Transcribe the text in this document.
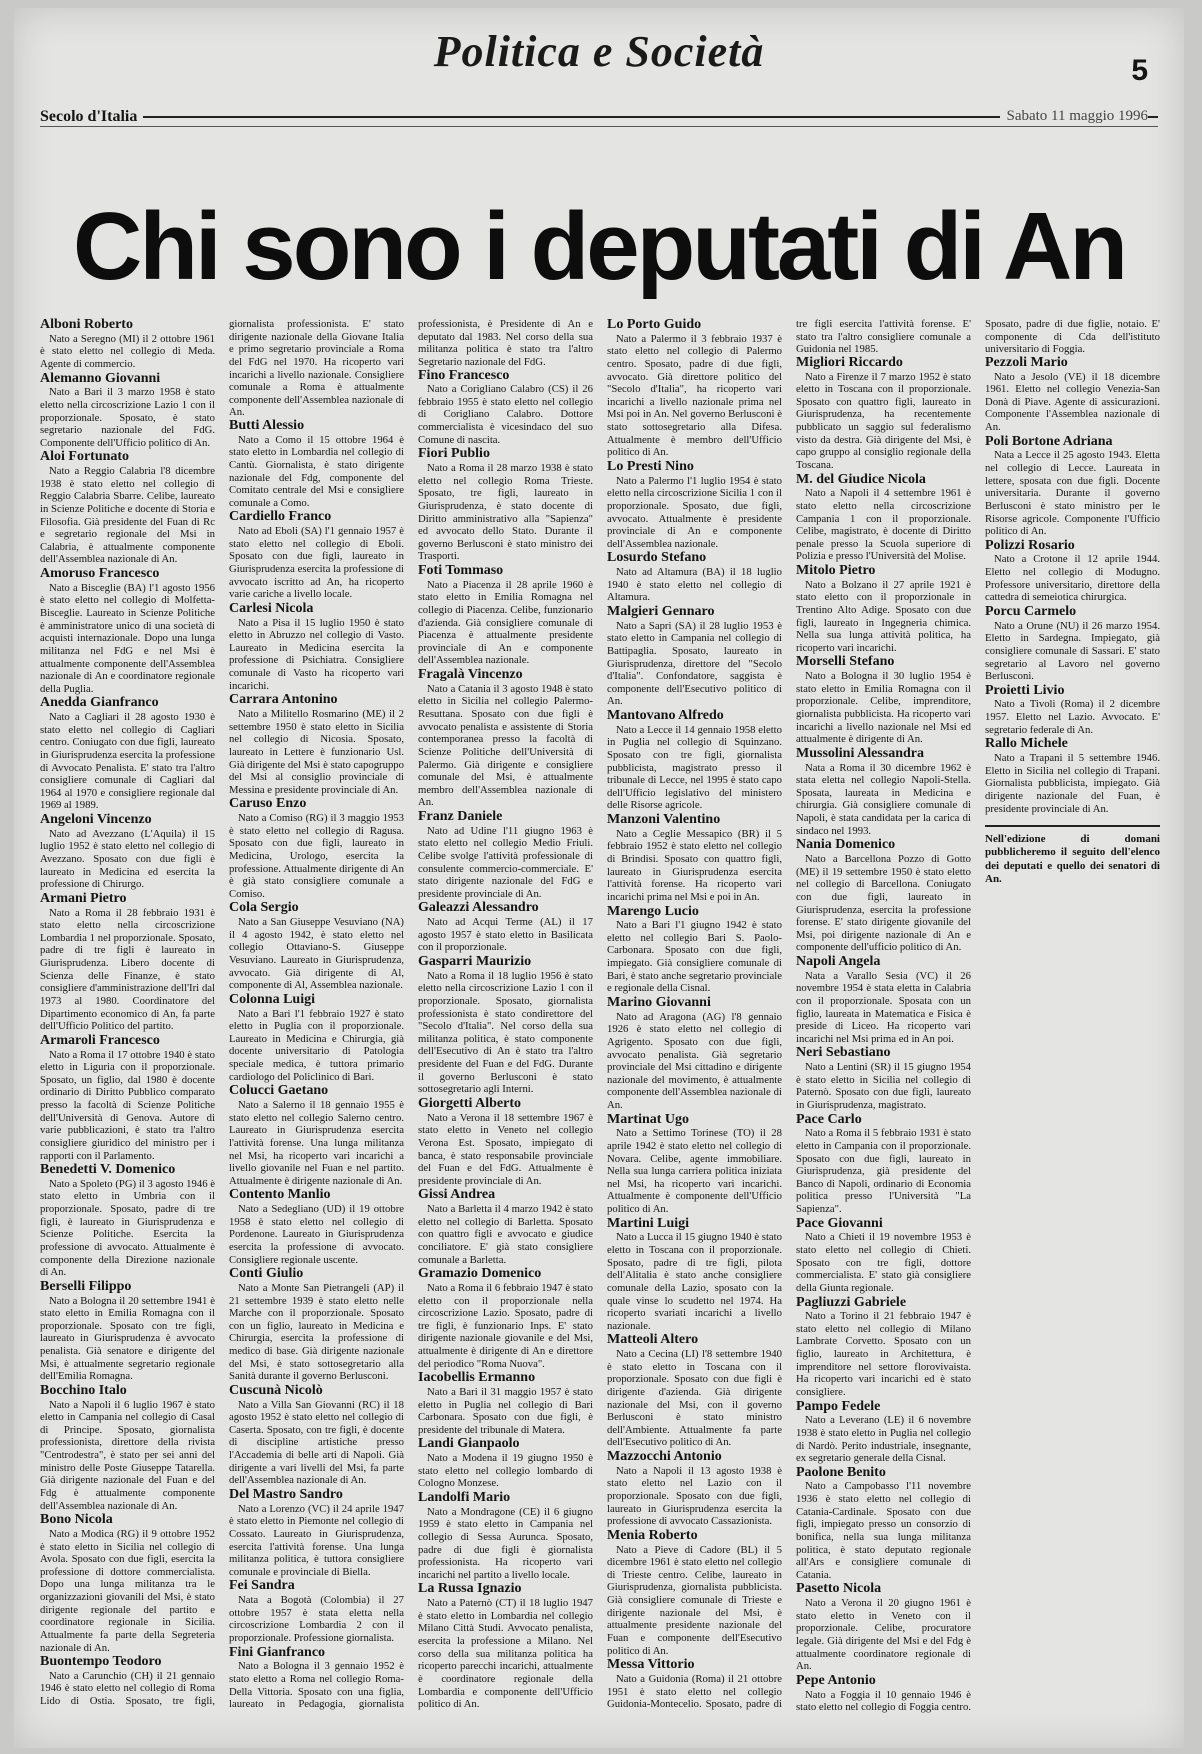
Politica e Società	5
Secolo d'Italia	Sabato 11 maggio 1996
Chi sono i deputati di An

Alboni Roberto

Nato a Seregno (MI) il 2 ottobre 1961 è stato eletto nel collegio di Meda. Agente di commercio.

Alemanno Giovanni

Nato a Bari il 3 marzo 1958 è stato eletto nella circoscrizione Lazio 1 con il proporzionale. Sposato, è stato segretario nazionale del FdG. Componente dell'Ufficio politico di An.

Aloi Fortunato

Nato a Reggio Calabria l'8 dicembre 1938 è stato eletto nel collegio di Reggio Calabria Sbarre. Celibe, laureato in Scienze Politiche e docente di Storia e Filosofia. Già presidente del Fuan di Rc e segretario regionale del Msi in Calabria, è attualmente componente dell'Assemblea nazionale di An.

Amoruso Francesco

Nato a Bisceglie (BA) l'1 agosto 1956 è stato eletto nel collegio di Molfetta-Bisceglie. Laureato in Scienze Politiche è amministratore unico di una società di acquisti internazionale. Dopo una lunga militanza nel FdG e nel Msi è attualmente componente dell'Assemblea nazionale di An e coordinatore regionale della Puglia.

Anedda Gianfranco

Nato a Cagliari il 28 agosto 1930 è stato eletto nel collegio di Cagliari centro. Coniugato con due figli, laureato in Giurisprudenza esercita la professione di Avvocato Penalista. E' stato tra l'altro consigliere comunale di Cagliari dal 1964 al 1970 e consigliere regionale dal 1969 al 1989.

Angeloni Vincenzo

Nato ad Avezzano (L'Aquila) il 15 luglio 1952 è stato eletto nel collegio di Avezzano. Sposato con due figli è laureato in Medicina ed esercita la professione di Chirurgo.

Armani Pietro

Nato a Roma il 28 febbraio 1931 è stato eletto nella circoscrizione Lombardia 1 nel proporzionale. Sposato, padre di tre figli è laureato in Giurisprudenza. Libero docente di Scienza delle Finanze, è stato consigliere d'amministrazione dell'Iri dal 1973 al 1980. Coordinatore del Dipartimento economico di An, fa parte dell'Ufficio Politico del partito.

Armaroli Francesco

Nato a Roma il 17 ottobre 1940 è stato eletto in Liguria con il proporzionale. Sposato, un figlio, dal 1980 è docente ordinario di Diritto Pubblico comparato presso la facoltà di Scienze Politiche dell'Università di Genova. Autore di varie pubblicazioni, è stato tra l'altro consigliere giuridico del ministro per i rapporti con il Parlamento.

Benedetti V. Domenico

Nato a Spoleto (PG) il 3 agosto 1946 è stato eletto in Umbria con il proporzionale. Sposato, padre di tre figli, è laureato in Giurisprudenza e Scienze Politiche. Esercita la professione di avvocato. Attualmente è componente della Direzione nazionale di An.

Berselli Filippo

Nato a Bologna il 20 settembre 1941 è stato eletto in Emilia Romagna con il proporzionale. Sposato con tre figli, laureato in Giurisprudenza è avvocato penalista. Già senatore e dirigente del Msi, è attualmente segretario regionale dell'Emilia Romagna.

Bocchino Italo

Nato a Napoli il 6 luglio 1967 è stato eletto in Campania nel collegio di Casal di Principe. Sposato, giornalista professionista, direttore della rivista "Centrodestra", è stato per sei anni del ministro delle Poste Giuseppe Tatarella. Già dirigente nazionale del Fuan e del Fdg è attualmente componente dell'Assemblea nazionale di An.

Bono Nicola

Nato a Modica (RG) il 9 ottobre 1952 è stato eletto in Sicilia nel collegio di Avola. Sposato con due figli, esercita la professione di dottore commercialista. Dopo una lunga militanza tra le organizzazioni giovanili del Msi, è stato dirigente regionale del partito e coordinatore regionale in Sicilia. Attualmente fa parte della Segreteria nazionale di An.

Buontempo Teodoro

Nato a Carunchio (CH) il 21 gennaio 1946 è stato eletto nel collegio di Roma Lido di Ostia. Sposato, tre figli, giornalista professionista. E' stato dirigente nazionale della Giovane Italia e primo segretario provinciale a Roma del FdG nel 1970. Ha ricoperto vari incarichi a livello nazionale. Consigliere comunale a Roma è attualmente componente dell'Assemblea nazionale di An.

Butti Alessio

Nato a Como il 15 ottobre 1964 è stato eletto in Lombardia nel collegio di Cantù. Giornalista, è stato dirigente nazionale del Fdg, componente del Comitato centrale del Msi e consigliere comunale a Como.

Cardiello Franco

Nato ad Eboli (SA) l'1 gennaio 1957 è stato eletto nel collegio di Eboli. Sposato con due figli, laureato in Giurisprudenza esercita la professione di avvocato iscritto ad An, ha ricoperto varie cariche a livello locale.

Carlesi Nicola

Nato a Pisa il 15 luglio 1950 è stato eletto in Abruzzo nel collegio di Vasto. Laureato in Medicina esercita la professione di Psichiatra. Consigliere comunale di Vasto ha ricoperto vari incarichi.

Carrara Antonino

Nato a Militello Rosmarino (ME) il 2 settembre 1950 è stato eletto in Sicilia nel collegio di Nicosia. Sposato, laureato in Lettere è funzionario Usl. Già dirigente del Msi è stato capogruppo del Msi al consiglio provinciale di Messina e presidente provinciale di An.

Caruso Enzo

Nato a Comiso (RG) il 3 maggio 1953 è stato eletto nel collegio di Ragusa. Sposato con due figli, laureato in Medicina, Urologo, esercita la professione. Attualmente dirigente di An è già stato consigliere comunale a Comiso.

Cola Sergio

Nato a San Giuseppe Vesuviano (NA) il 4 agosto 1942, è stato eletto nel collegio Ottaviano-S. Giuseppe Vesuviano. Laureato in Giurisprudenza, avvocato. Già dirigente di Al, componente di Al, Assemblea nazionale.

Colonna Luigi

Nato a Bari l'1 febbraio 1927 è stato eletto in Puglia con il proporzionale. Laureato in Medicina e Chirurgia, già docente universitario di Patologia speciale medica, è tuttora primario cardiologo del Policlinico di Bari.

Colucci Gaetano

Nato a Salerno il 18 gennaio 1955 è stato eletto nel collegio Salerno centro. Laureato in Giurisprudenza esercita l'attività forense. Una lunga militanza nel Msi, ha ricoperto vari incarichi a livello giovanile nel Fuan e nel partito. Attualmente è dirigente nazionale di An.

Contento Manlio

Nato a Sedegliano (UD) il 19 ottobre 1958 è stato eletto nel collegio di Pordenone. Laureato in Giurisprudenza esercita la professione di avvocato. Consigliere regionale uscente.

Conti Giulio

Nato a Monte San Pietrangeli (AP) il 21 settembre 1939 è stato eletto nelle Marche con il proporzionale. Sposato con un figlio, laureato in Medicina e Chirurgia, esercita la professione di medico di base. Già dirigente nazionale del Msi, è stato sottosegretario alla Sanità durante il governo Berlusconi.

Cuscunà Nicolò

Nato a Villa San Giovanni (RC) il 18 agosto 1952 è stato eletto nel collegio di Caserta. Sposato, con tre figli, è docente di discipline artistiche presso l'Accademia di belle arti di Napoli. Già dirigente a vari livelli del Msi, fa parte dell'Assemblea nazionale di An.

Del Mastro Sandro

Nato a Lorenzo (VC) il 24 aprile 1947 è stato eletto in Piemonte nel collegio di Cossato. Laureato in Giurisprudenza, esercita l'attività forense. Una lunga militanza politica, è tuttora consigliere comunale e provinciale di Biella.

Fei Sandra

Nata a Bogotà (Colombia) il 27 ottobre 1957 è stata eletta nella circoscrizione Lombardia 2 con il proporzionale. Professione giornalista.

Fini Gianfranco

Nato a Bologna il 3 gennaio 1952 è stato eletto a Roma nel collegio Roma-Della Vittoria. Sposato con una figlia, laureato in Pedagogia, giornalista professionista, è Presidente di An e deputato dal 1983. Nel corso della sua militanza politica è stato tra l'altro Segretario nazionale del FdG.

Fino Francesco

Nato a Corigliano Calabro (CS) il 26 febbraio 1955 è stato eletto nel collegio di Corigliano Calabro. Dottore commercialista è vicesindaco del suo Comune di nascita.

Fiori Publio

Nato a Roma il 28 marzo 1938 è stato eletto nel collegio Roma Trieste. Sposato, tre figli, laureato in Giurisprudenza, è stato docente di Diritto amministrativo alla "Sapienza" ed avvocato dello Stato. Durante il governo Berlusconi è stato ministro dei Trasporti.

Foti Tommaso

Nato a Piacenza il 28 aprile 1960 è stato eletto in Emilia Romagna nel collegio di Piacenza. Celibe, funzionario d'azienda. Già consigliere comunale di Piacenza è attualmente presidente provinciale di An e componente dell'Assemblea nazionale.

Fragalà Vincenzo

Nato a Catania il 3 agosto 1948 è stato eletto in Sicilia nel collegio Palermo-Resuttana. Sposato con due figli è avvocato penalista e assistente di Storia contemporanea presso la facoltà di Scienze Politiche dell'Università di Palermo. Già dirigente e consigliere comunale del Msi, è attualmente membro dell'Assemblea nazionale di An.

Franz Daniele

Nato ad Udine l'11 giugno 1963 è stato eletto nel collegio Medio Friuli. Celibe svolge l'attività professionale di consulente commercio-commerciale. E' stato dirigente nazionale del FdG e presidente provinciale di An.

Galeazzi Alessandro

Nato ad Acqui Terme (AL) il 17 agosto 1957 è stato eletto in Basilicata con il proporzionale.

Gasparri Maurizio

Nato a Roma il 18 luglio 1956 è stato eletto nella circoscrizione Lazio 1 con il proporzionale. Sposato, giornalista professionista è stato condirettore del "Secolo d'Italia". Nel corso della sua militanza politica, è stato componente dell'Esecutivo di An è stato tra l'altro presidente del Fuan e del FdG. Durante il governo Berlusconi è stato sottosegretario agli Interni.

Giorgetti Alberto

Nato a Verona il 18 settembre 1967 è stato eletto in Veneto nel collegio Verona Est. Sposato, impiegato di banca, è stato responsabile provinciale del Fuan e del FdG. Attualmente è presidente provinciale di An.

Gissi Andrea

Nato a Barletta il 4 marzo 1942 è stato eletto nel collegio di Barletta. Sposato con quattro figli e avvocato e giudice conciliatore. E' già stato consigliere comunale a Barletta.

Gramazio Domenico

Nato a Roma il 6 febbraio 1947 è stato eletto con il proporzionale nella circoscrizione Lazio. Sposato, padre di tre figli, è funzionario Inps. E' stato dirigente nazionale giovanile e del Msi, attualmente è dirigente di An e direttore del periodico "Roma Nuova".

Iacobellis Ermanno

Nato a Bari il 31 maggio 1957 è stato eletto in Puglia nel collegio di Bari Carbonara. Sposato con due figli, è presidente del tribunale di Matera.

Landi Gianpaolo

Nato a Modena il 19 giugno 1950 è stato eletto nel collegio lombardo di Cologno Monzese.

Landolfi Mario

Nato a Mondragone (CE) il 6 giugno 1959 è stato eletto in Campania nel collegio di Sessa Aurunca. Sposato, padre di due figli è giornalista professionista. Ha ricoperto vari incarichi nel partito a livello locale.

La Russa Ignazio

Nato a Paternò (CT) il 18 luglio 1947 è stato eletto in Lombardia nel collegio Milano Città Studi. Avvocato penalista, esercita la professione a Milano. Nel corso della sua militanza politica ha ricoperto parecchi incarichi, attualmente è coordinatore regionale della Lombardia e componente dell'Ufficio politico di An.

Lo Porto Guido

Nato a Palermo il 3 febbraio 1937 è stato eletto nel collegio di Palermo centro. Sposato, padre di due figli, avvocato. Già direttore politico del "Secolo d'Italia", ha ricoperto vari incarichi a livello nazionale prima nel Msi poi in An. Nel governo Berlusconi è stato sottosegretario alla Difesa. Attualmente è membro dell'Ufficio politico di An.

Lo Presti Nino

Nato a Palermo l'1 luglio 1954 è stato eletto nella circoscrizione Sicilia 1 con il proporzionale. Sposato, due figli, avvocato. Attualmente è presidente provinciale di An e componente dell'Assemblea nazionale.

Losurdo Stefano

Nato ad Altamura (BA) il 18 luglio 1940 è stato eletto nel collegio di Altamura.

Malgieri Gennaro

Nato a Sapri (SA) il 28 luglio 1953 è stato eletto in Campania nel collegio di Battipaglia. Sposato, laureato in Giurisprudenza, direttore del "Secolo d'Italia". Confondatore, saggista è componente dell'Esecutivo politico di An.

Mantovano Alfredo

Nato a Lecce il 14 gennaio 1958 eletto in Puglia nel collegio di Squinzano. Sposato con tre figli, giornalista pubblicista, magistrato presso il tribunale di Lecce, nel 1995 è stato capo dell'Ufficio legislativo del ministero delle Risorse agricole.

Manzoni Valentino

Nato a Ceglie Messapico (BR) il 5 febbraio 1952 è stato eletto nel collegio di Brindisi. Sposato con quattro figli, laureato in Giurisprudenza esercita l'attività forense. Ha ricoperto vari incarichi prima nel Msi e poi in An.

Marengo Lucio

Nato a Bari l'1 giugno 1942 è stato eletto nel collegio Bari S. Paolo-Carbonara. Sposato con due figli, impiegato. Già consigliere comunale di Bari, è stato anche segretario provinciale e regionale della Cisnal.

Marino Giovanni

Nato ad Aragona (AG) l'8 gennaio 1926 è stato eletto nel collegio di Agrigento. Sposato con due figli, avvocato penalista. Già segretario provinciale del Msi cittadino e dirigente nazionale del movimento, è attualmente componente dell'Assemblea nazionale di An.

Martinat Ugo

Nato a Settimo Torinese (TO) il 28 aprile 1942 è stato eletto nel collegio di Novara. Celibe, agente immobiliare. Nella sua lunga carriera politica iniziata nel Msi, ha ricoperto vari incarichi. Attualmente è componente dell'Ufficio politico di An.

Martini Luigi

Nato a Lucca il 15 giugno 1940 è stato eletto in Toscana con il proporzionale. Sposato, padre di tre figli, pilota dell'Alitalia è stato anche consigliere comunale della Lazio, sposato con la quale vinse lo scudetto nel 1974. Ha ricoperto svariati incarichi a livello nazionale.

Matteoli Altero

Nato a Cecina (LI) l'8 settembre 1940 è stato eletto in Toscana con il proporzionale. Sposato con due figli è dirigente d'azienda. Già dirigente nazionale del Msi, con il governo Berlusconi è stato ministro dell'Ambiente. Attualmente fa parte dell'Esecutivo politico di An.

Mazzocchi Antonio

Nato a Napoli il 13 agosto 1938 è stato eletto nel Lazio con il proporzionale. Sposato con due figli, laureato in Giurisprudenza esercita la professione di avvocato Cassazionista.

Menia Roberto

Nato a Pieve di Cadore (BL) il 5 dicembre 1961 è stato eletto nel collegio di Trieste centro. Celibe, laureato in Giurisprudenza, giornalista pubblicista. Già consigliere comunale di Trieste e dirigente nazionale del Msi, è attualmente presidente nazionale del Fuan e componente dell'Esecutivo politico di An.

Messa Vittorio

Nato a Guidonia (Roma) il 21 ottobre 1951 è stato eletto nel collegio Guidonia-Montecelio. Sposato, padre di tre figli esercita l'attività forense. E' stato tra l'altro consigliere comunale a Guidonia nel 1985.

Migliori Riccardo

Nato a Firenze il 7 marzo 1952 è stato eletto in Toscana con il proporzionale. Sposato con quattro figli, laureato in Giurisprudenza, ha recentemente pubblicato un saggio sul federalismo visto da destra. Già dirigente del Msi, è capo gruppo al consiglio regionale della Toscana.

M. del Giudice Nicola

Nato a Napoli il 4 settembre 1961 è stato eletto nella circoscrizione Campania 1 con il proporzionale. Celibe, magistrato, è docente di Diritto penale presso la Scuola superiore di Polizia e presso l'Università del Molise.

Mitolo Pietro

Nato a Bolzano il 27 aprile 1921 è stato eletto con il proporzionale in Trentino Alto Adige. Sposato con due figli, laureato in Ingegneria chimica. Nella sua lunga attività politica, ha ricoperto vari incarichi.

Morselli Stefano

Nato a Bologna il 30 luglio 1954 è stato eletto in Emilia Romagna con il proporzionale. Celibe, imprenditore, giornalista pubblicista. Ha ricoperto vari incarichi a livello nazionale nel Msi ed attualmente è dirigente di An.

Mussolini Alessandra

Nata a Roma il 30 dicembre 1962 è stata eletta nel collegio Napoli-Stella. Sposata, laureata in Medicina e chirurgia. Già consigliere comunale di Napoli, è stata candidata per la carica di sindaco nel 1993.

Nania Domenico

Nato a Barcellona Pozzo di Gotto (ME) il 19 settembre 1950 è stato eletto nel collegio di Barcellona. Coniugato con due figli, laureato in Giurisprudenza, esercita la professione forense. E' stato dirigente giovanile del Msi, poi dirigente nazionale di An e componente dell'ufficio politico di An.

Napoli Angela

Nata a Varallo Sesia (VC) il 26 novembre 1954 è stata eletta in Calabria con il proporzionale. Sposata con un figlio, laureata in Matematica e Fisica è preside di Liceo. Ha ricoperto vari incarichi nel Msi prima ed in An poi.

Neri Sebastiano

Nato a Lentini (SR) il 15 giugno 1954 è stato eletto in Sicilia nel collegio di Paternò. Sposato con due figli, laureato in Giurisprudenza, magistrato.

Pace Carlo

Nato a Roma il 5 febbraio 1931 è stato eletto in Campania con il proporzionale. Sposato con due figli, laureato in Giurisprudenza, già presidente del Banco di Napoli, ordinario di Economia politica presso l'Università "La Sapienza".

Pace Giovanni

Nato a Chieti il 19 novembre 1953 è stato eletto nel collegio di Chieti. Sposato con tre figli, dottore commercialista. E' stato già consigliere della Giunta regionale.

Pagliuzzi Gabriele

Nato a Torino il 21 febbraio 1947 è stato eletto nel collegio di Milano Lambrate Corvetto. Sposato con un figlio, laureato in Architettura, è imprenditore nel settore florovivaista. Ha ricoperto vari incarichi ed è stato consigliere.

Pampo Fedele

Nato a Leverano (LE) il 6 novembre 1938 è stato eletto in Puglia nel collegio di Nardò. Perito industriale, insegnante, ex segretario generale della Cisnal.

Paolone Benito

Nato a Campobasso l'11 novembre 1936 è stato eletto nel collegio di Catania-Cardinale. Sposato con due figli, impiegato presso un consorzio di bonifica, nella sua lunga militanza politica, è stato deputato regionale all'Ars e consigliere comunale di Catania.

Pasetto Nicola

Nato a Verona il 20 giugno 1961 è stato eletto in Veneto con il proporzionale. Celibe, procuratore legale. Già dirigente del Msi e del Fdg è attualmente coordinatore regionale di An.

Pepe Antonio

Nato a Foggia il 10 gennaio 1946 è stato eletto nel collegio di Foggia centro. Sposato, padre di due figlie, notaio. E' componente di Cda dell'istituto universitario di Foggia.

Pezzoli Mario

Nato a Jesolo (VE) il 18 dicembre 1961. Eletto nel collegio Venezia-San Donà di Piave. Agente di assicurazioni. Componente l'Assemblea nazionale di An.

Poli Bortone Adriana

Nata a Lecce il 25 agosto 1943. Eletta nel collegio di Lecce. Laureata in lettere, sposata con due figli. Docente universitaria. Durante il governo Berlusconi è stato ministro per le Risorse agricole. Componente l'Ufficio politico di An.

Polizzi Rosario

Nato a Crotone il 12 aprile 1944. Eletto nel collegio di Modugno. Professore universitario, direttore della cattedra di semeiotica chirurgica.

Porcu Carmelo

Nato a Orune (NU) il 26 marzo 1954. Eletto in Sardegna. Impiegato, già consigliere comunale di Sassari. E' stato segretario al Lavoro nel governo Berlusconi.

Proietti Livio

Nato a Tivoli (Roma) il 2 dicembre 1957. Eletto nel Lazio. Avvocato. E' segretario federale di An.

Rallo Michele

Nato a Trapani il 5 settembre 1946. Eletto in Sicilia nel collegio di Trapani. Giornalista pubblicista, impiegato. Già dirigente nazionale del Fuan, è presidente provinciale di An.

Nell'edizione di domani pubblicheremo il seguito dell'elenco dei deputati e quello dei senatori di An.
